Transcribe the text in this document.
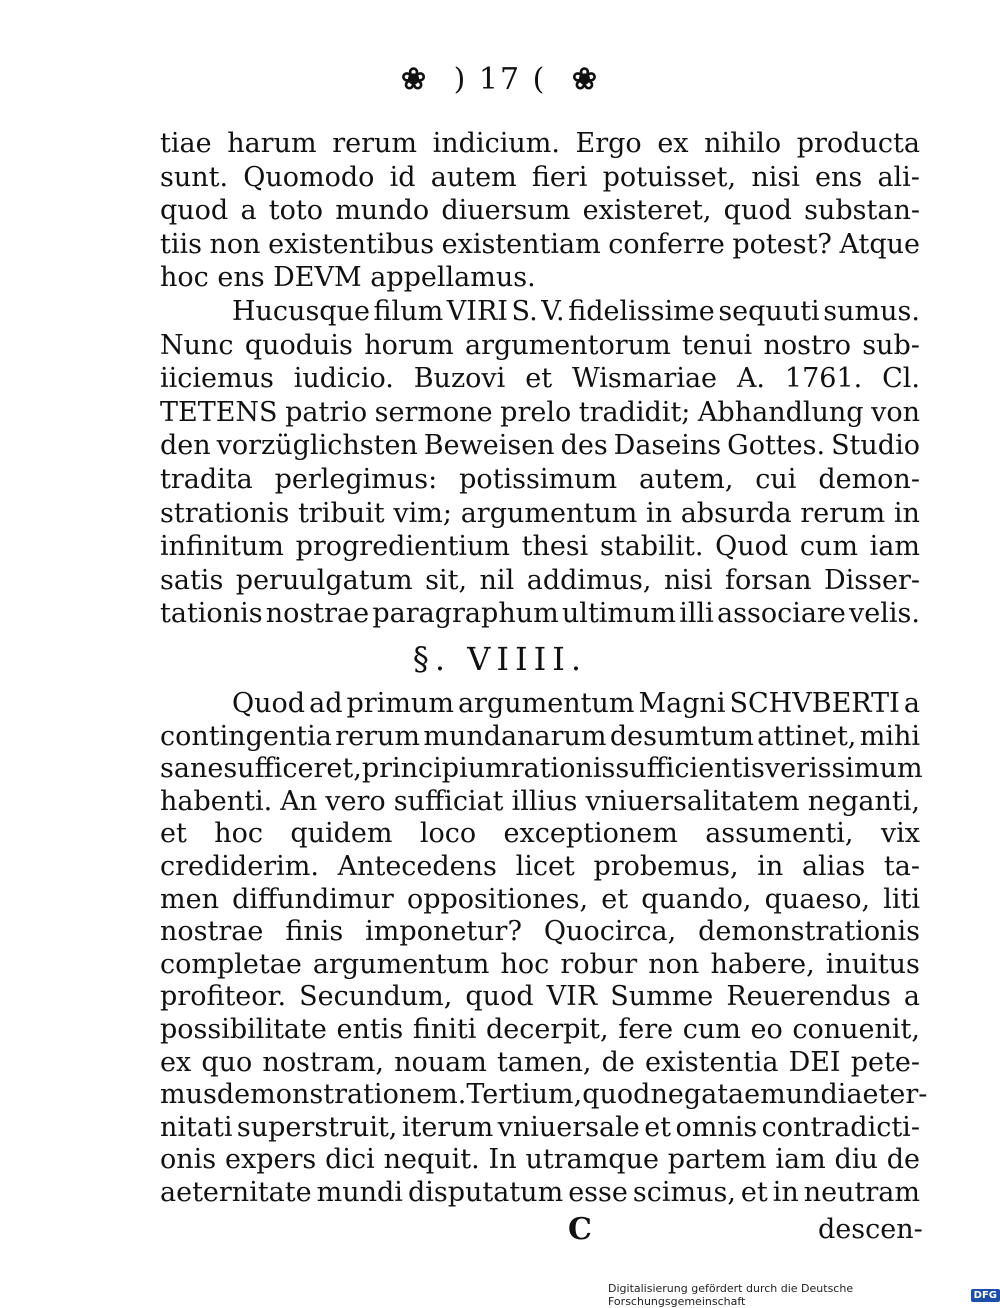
❀ ) 17 ( ❀
tiae harum rerum indicium. Ergo ex nihilo producta
sunt. Quomodo id autem fieri potuisset, nisi ens ali-
quod a toto mundo diuersum existeret, quod substan-
tiis non existentibus existentiam conferre potest? Atque
hoc ens DEVM appellamus.
Hucusque filum VIRI S. V. fidelissime sequuti sumus.
Nunc quoduis horum argumentorum tenui nostro sub-
iiciemus iudicio. Buzovi et Wismariae A. 1761. Cl.
TETENS patrio sermone prelo tradidit; Abhandlung von
den vorzüglichsten Beweisen des Daseins Gottes. Studio
tradita perlegimus: potissimum autem, cui demon-
strationis tribuit vim; argumentum in absurda rerum in
infinitum progredientium thesi stabilit. Quod cum iam
satis peruulgatum sit, nil addimus, nisi forsan Disser-
tationis nostrae paragraphum ultimum illi associare velis.
§. VIIII.
Quod ad primum argumentum Magni SCHVBERTI a
contingentia rerum mundanarum desumtum attinet, mihi
sane sufficeret, principium rationis sufficientis verissimum
habenti. An vero sufficiat illius vniuersalitatem neganti,
et hoc quidem loco exceptionem assumenti, vix
crediderim. Antecedens licet probemus, in alias ta-
men diffundimur oppositiones, et quando, quaeso, liti
nostrae finis imponetur? Quocirca, demonstrationis
completae argumentum hoc robur non habere, inuitus
profiteor. Secundum, quod VIR Summe Reuerendus a
possibilitate entis finiti decerpit, fere cum eo conuenit,
ex quo nostram, nouam tamen, de existentia DEI pete-
mus demonstrationem. Tertium, quod negatae mundi aeter-
nitati superstruit, iterum vniuersale et omnis contradicti-
onis expers dici nequit. In utramque partem iam diu de
aeternitate mundi disputatum esse scimus, et in neutram
C	descen-
Digitalisierung gefördert durch die Deutsche Forschungsgemeinschaft	DFG
